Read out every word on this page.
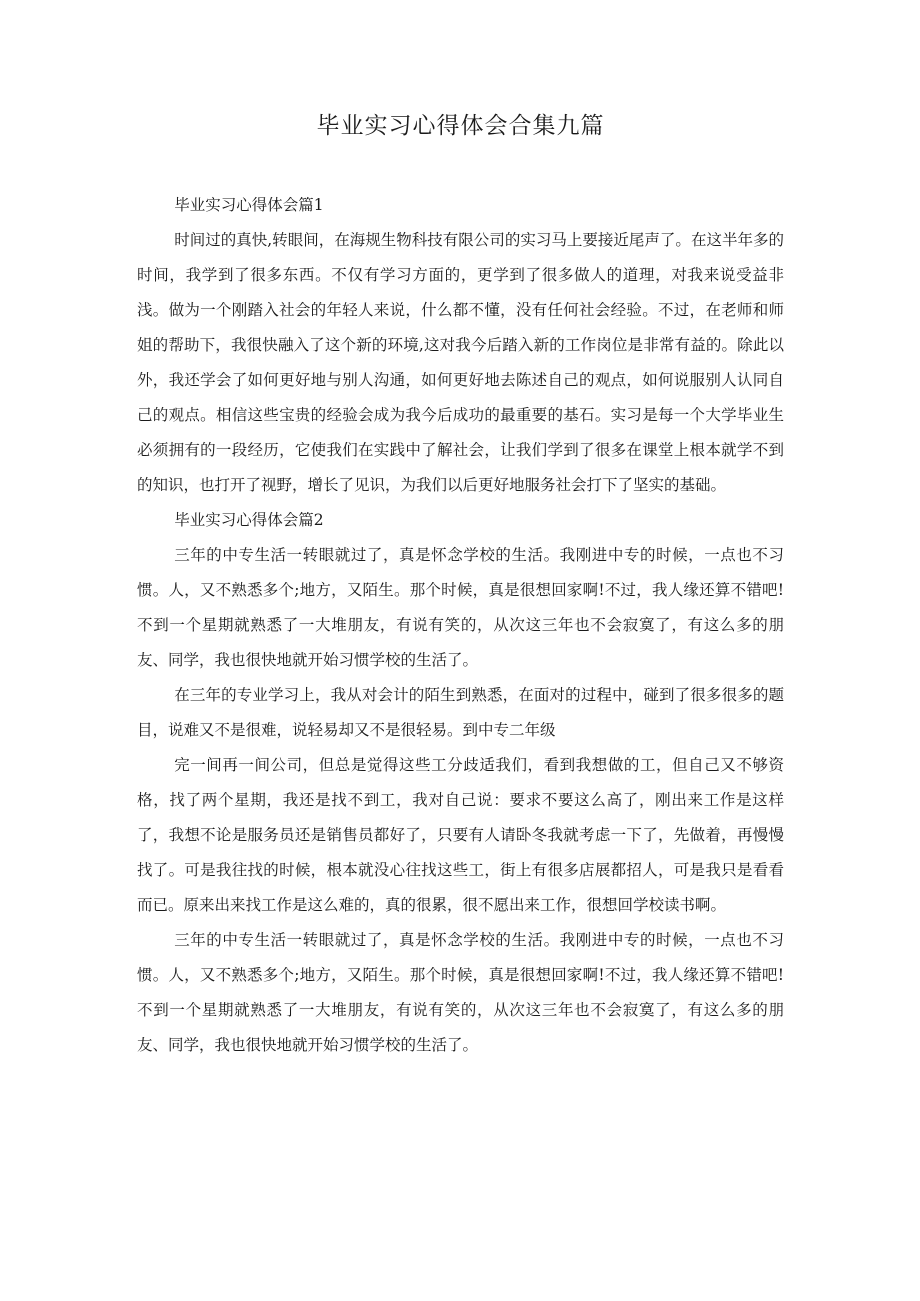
毕业实习心得体会合集九篇

毕业实习心得体会篇1

时间过的真快,转眼间，在海规生物科技有限公司的实习马上要接近尾声了。在这半年多的时间，我学到了很多东西。不仅有学习方面的，更学到了很多做人的道理，对我来说受益非浅。做为一个刚踏入社会的年轻人来说，什么都不懂，没有任何社会经验。不过，在老师和师姐的帮助下，我很快融入了这个新的环境,这对我今后踏入新的工作岗位是非常有益的。除此以外，我还学会了如何更好地与别人沟通，如何更好地去陈述自己的观点，如何说服别人认同自己的观点。相信这些宝贵的经验会成为我今后成功的最重要的基石。实习是每一个大学毕业生必须拥有的一段经历，它使我们在实践中了解社会，让我们学到了很多在课堂上根本就学不到的知识，也打开了视野，增长了见识，为我们以后更好地服务社会打下了坚实的基础。

毕业实习心得体会篇2

三年的中专生活一转眼就过了，真是怀念学校的生活。我刚进中专的时候，一点也不习惯。人，又不熟悉多个;地方，又陌生。那个时候，真是很想回家啊!不过，我人缘还算不错吧!不到一个星期就熟悉了一大堆朋友，有说有笑的，从次这三年也不会寂寞了，有这么多的朋友、同学，我也很快地就开始习惯学校的生活了。

在三年的专业学习上，我从对会计的陌生到熟悉，在面对的过程中，碰到了很多很多的题目，说难又不是很难，说轻易却又不是很轻易。到中专二年级

完一间再一间公司，但总是觉得这些工分歧适我们，看到我想做的工，但自己又不够资格，找了两个星期，我还是找不到工，我对自己说：要求不要这么高了，刚出来工作是这样了，我想不论是服务员还是销售员都好了，只要有人请卧冬我就考虑一下了，先做着，再慢慢找了。可是我往找的时候，根本就没心往找这些工，街上有很多店展都招人，可是我只是看看而已。原来出来找工作是这么难的，真的很累，很不愿出来工作，很想回学校读书啊。

三年的中专生活一转眼就过了，真是怀念学校的生活。我刚进中专的时候，一点也不习惯。人，又不熟悉多个;地方，又陌生。那个时候，真是很想回家啊!不过，我人缘还算不错吧!不到一个星期就熟悉了一大堆朋友，有说有笑的，从次这三年也不会寂寞了，有这么多的朋友、同学，我也很快地就开始习惯学校的生活了。
